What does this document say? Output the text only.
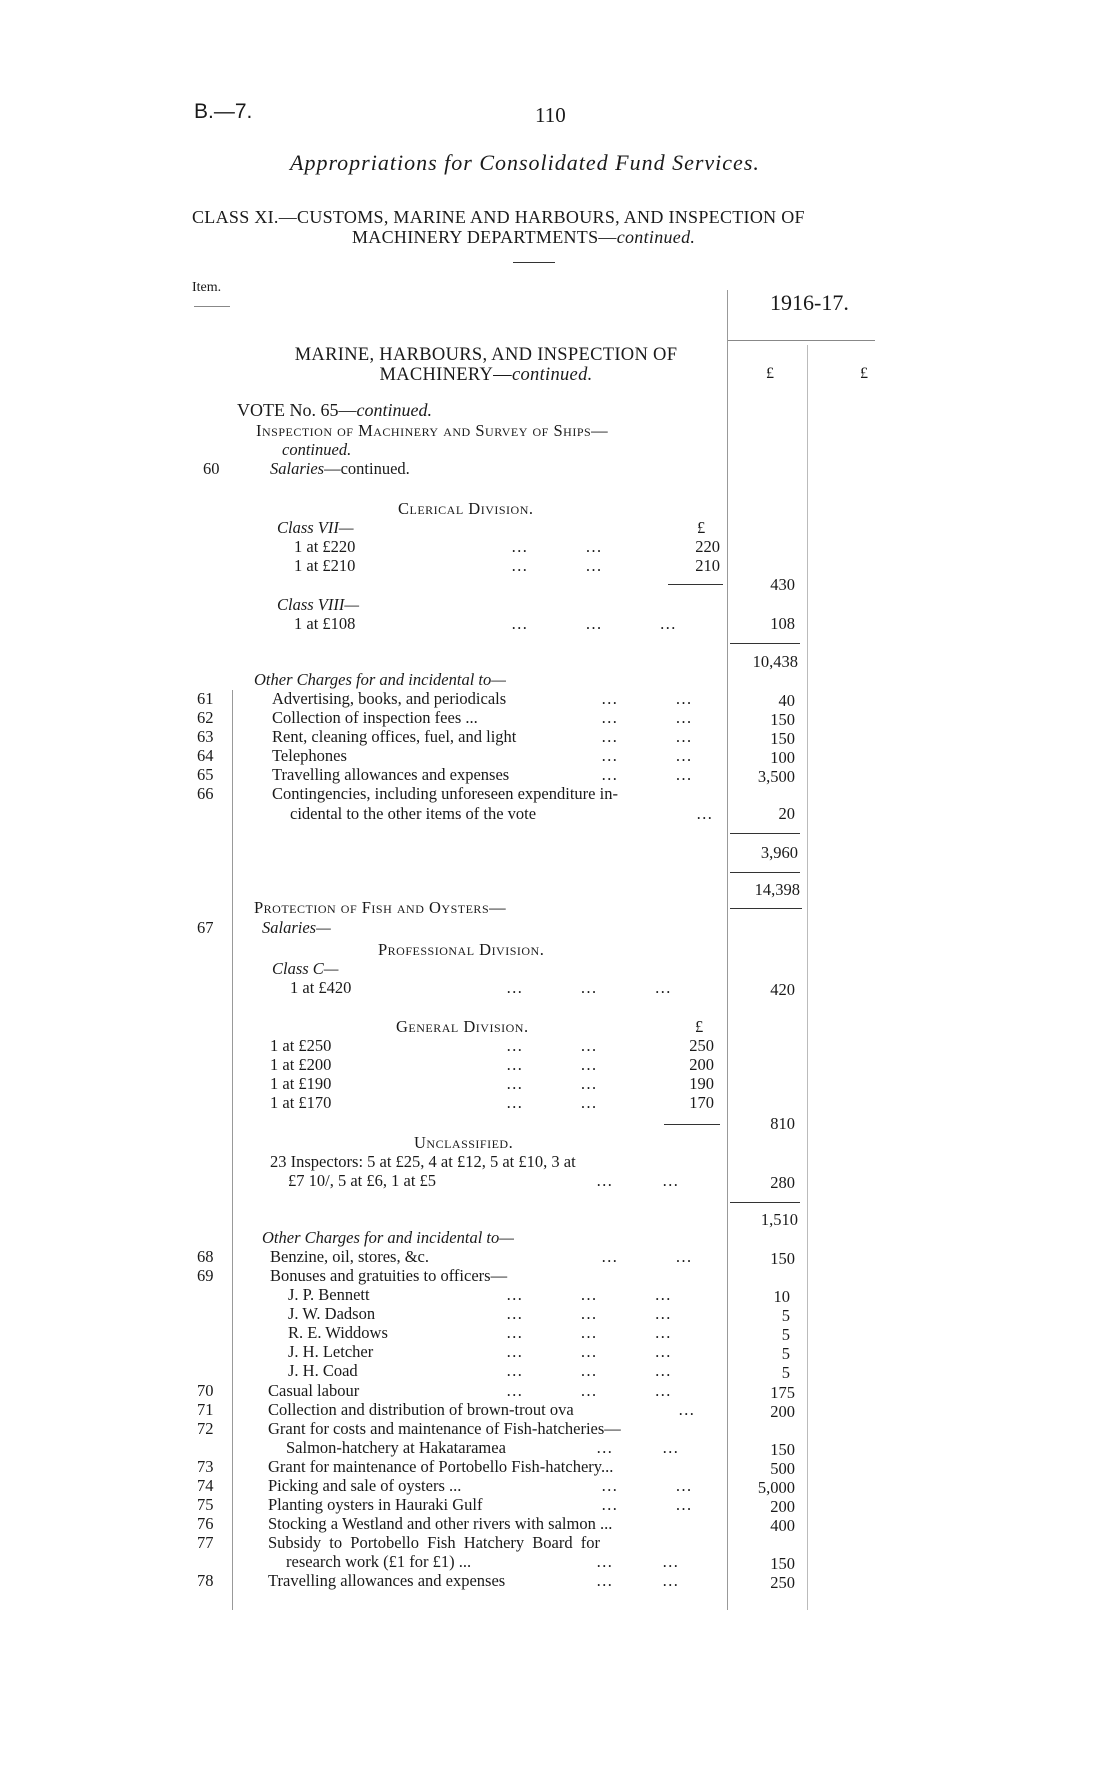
B.—7.	110
Appropriations for Consolidated Fund Services.
CLASS XI.—CUSTOMS, MARINE AND HARBOURS, AND INSPECTION OF
MACHINERY DEPARTMENTS—continued.
Item.
1916-17.
£	£
MARINE, HARBOURS, AND INSPECTION OF
MACHINERY—continued.
VOTE No. 65—continued.
Inspection of Machinery and Survey of Ships—
continued.
60	Salaries—continued.
Clerical Division.
£
Class VII—
1 at £220	…              …	220
1 at £210	…              …	210
430
Class VIII—
1 at £108	…              …              …	108
10,438
Other Charges for and incidental to—
61	Advertising, books, and periodicals	…              …	40
62	Collection of inspection fees ...	…              …	150
63	Rent, cleaning offices, fuel, and light	…              …	150
64	Telephones	…              …	100
65	Travelling allowances and expenses	…              …	3,500
66	Contingencies, including unforeseen expenditure in-
cidental to the other items of the vote	…	20
3,960
14,398
Protection of Fish and Oysters—
67	Salaries—
Professional Division.
Class C—
1 at £420	…              …              …	420
General Division.	£
1 at £250	…              …	250
1 at £200	…              …	200
1 at £190	…              …	190
1 at £170	…              …	170
810
Unclassified.
23 Inspectors: 5 at £25, 4 at £12, 5 at £10, 3 at
£7 10/, 5 at £6, 1 at £5	…            …	280
1,510
Other Charges for and incidental to—
68	Benzine, oil, stores, &c.	…              …	150
69	Bonuses and gratuities to officers—
J. P. Bennett	…              …              …	10
J. W. Dadson	…              …              …	5
R. E. Widdows	…              …              …	5
J. H. Letcher	…              …              …	5
J. H. Coad	…              …              …	5
70	Casual labour	…              …              …	175
71	Collection and distribution of brown-trout ova	…	200
72	Grant for costs and maintenance of Fish-hatcheries—
Salmon-hatchery at Hakataramea	…            …	150
73	Grant for maintenance of Portobello Fish-hatchery...	500
74	Picking and sale of oysters ...	…              …	5,000
75	Planting oysters in Hauraki Gulf	…              …	200
76	Stocking a Westland and other rivers with salmon ...	400
77	Subsidy to Portobello Fish Hatchery Board for
research work (£1 for £1) ...	…            …	150
78	Travelling allowances and expenses	…            …	250
